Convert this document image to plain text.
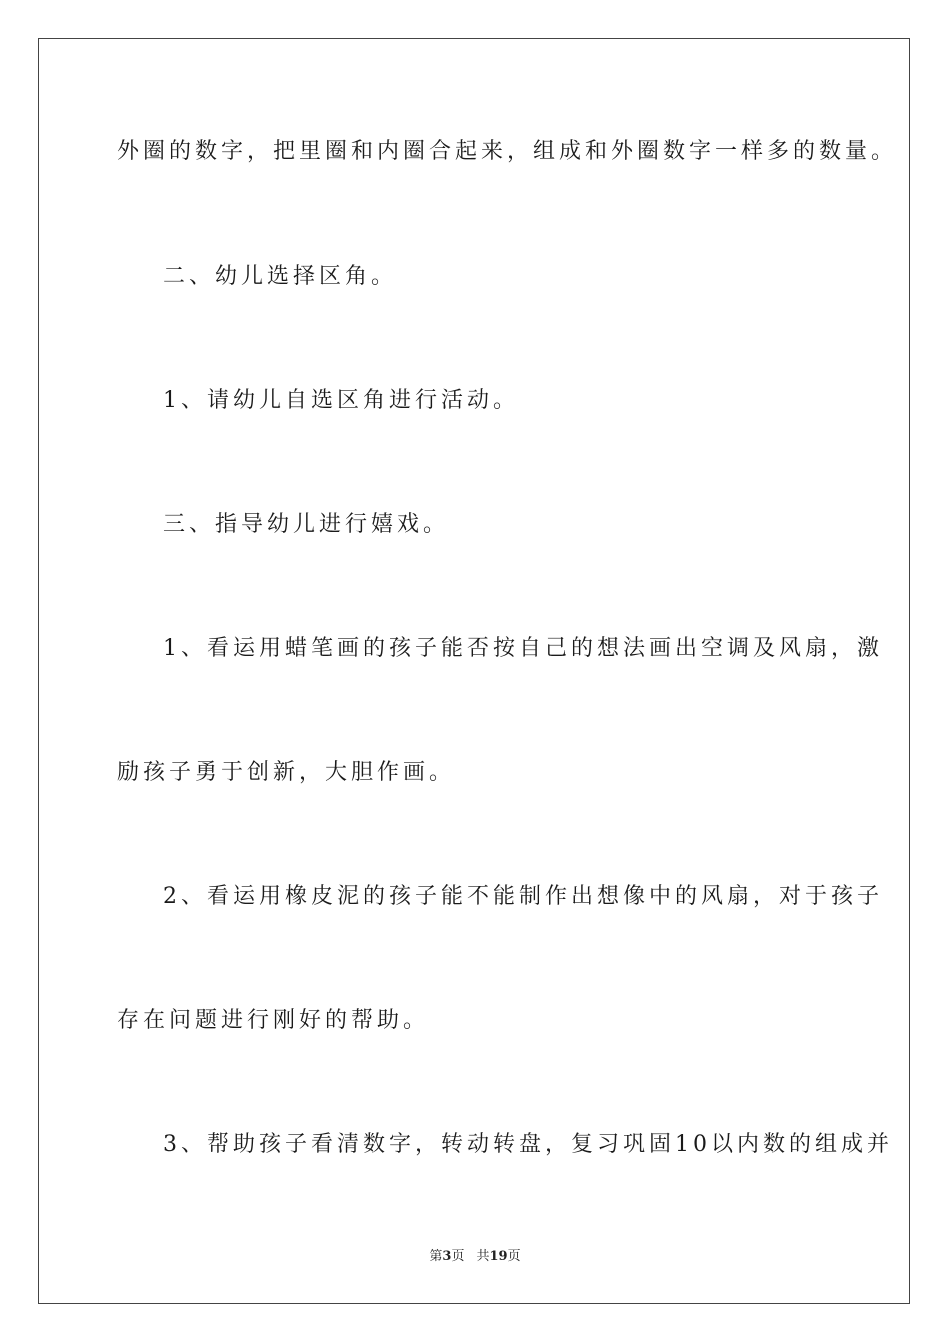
外圈的数字，把里圈和内圈合起来，组成和外圈数字一样多的数量。
二、幼儿选择区角。
1、请幼儿自选区角进行活动。
三、指导幼儿进行嬉戏。
1、看运用蜡笔画的孩子能否按自己的想法画出空调及风扇，激
励孩子勇于创新，大胆作画。
2、看运用橡皮泥的孩子能不能制作出想像中的风扇，对于孩子
存在问题进行刚好的帮助。
3、帮助孩子看清数字，转动转盘，复习巩固10以内数的组成并
第3页 共19页
